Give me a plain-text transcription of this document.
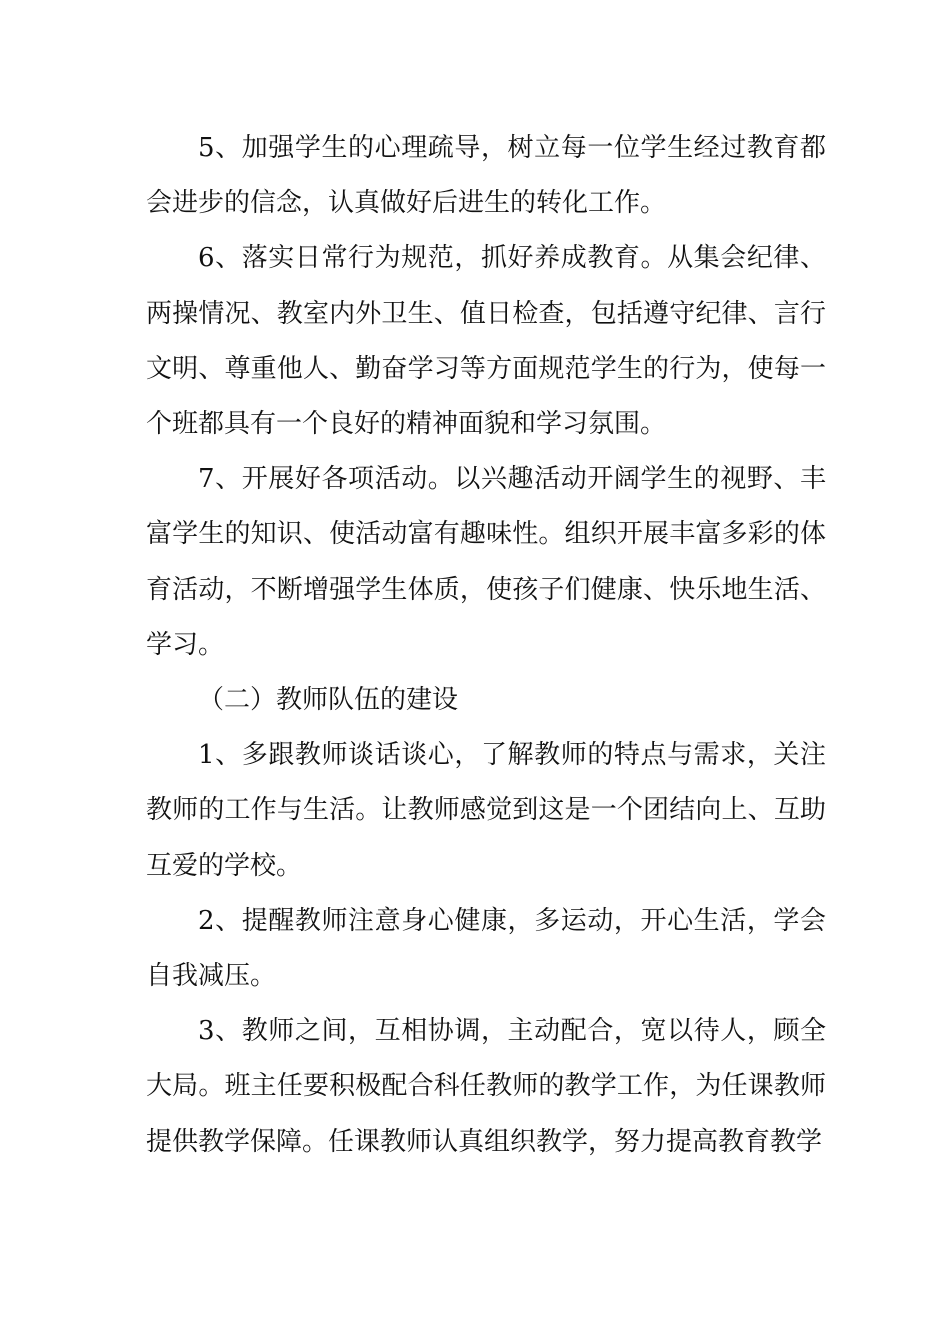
5、加强学生的心理疏导，树立每一位学生经过教育都会进步的信念，认真做好后进生的转化工作。

6、落实日常行为规范，抓好养成教育。从集会纪律、两操情况、教室内外卫生、值日检查，包括遵守纪律、言行文明、尊重他人、勤奋学习等方面规范学生的行为，使每一个班都具有一个良好的精神面貌和学习氛围。

7、开展好各项活动。以兴趣活动开阔学生的视野、丰富学生的知识、使活动富有趣味性。组织开展丰富多彩的体育活动，不断增强学生体质，使孩子们健康、快乐地生活、学习。

（二）教师队伍的建设

1、多跟教师谈话谈心，了解教师的特点与需求，关注教师的工作与生活。让教师感觉到这是一个团结向上、互助互爱的学校。

2、提醒教师注意身心健康，多运动，开心生活，学会自我减压。

3、教师之间，互相协调，主动配合，宽以待人，顾全大局。班主任要积极配合科任教师的教学工作，为任课教师提供教学保障。任课教师认真组织教学，努力提高教育教学
